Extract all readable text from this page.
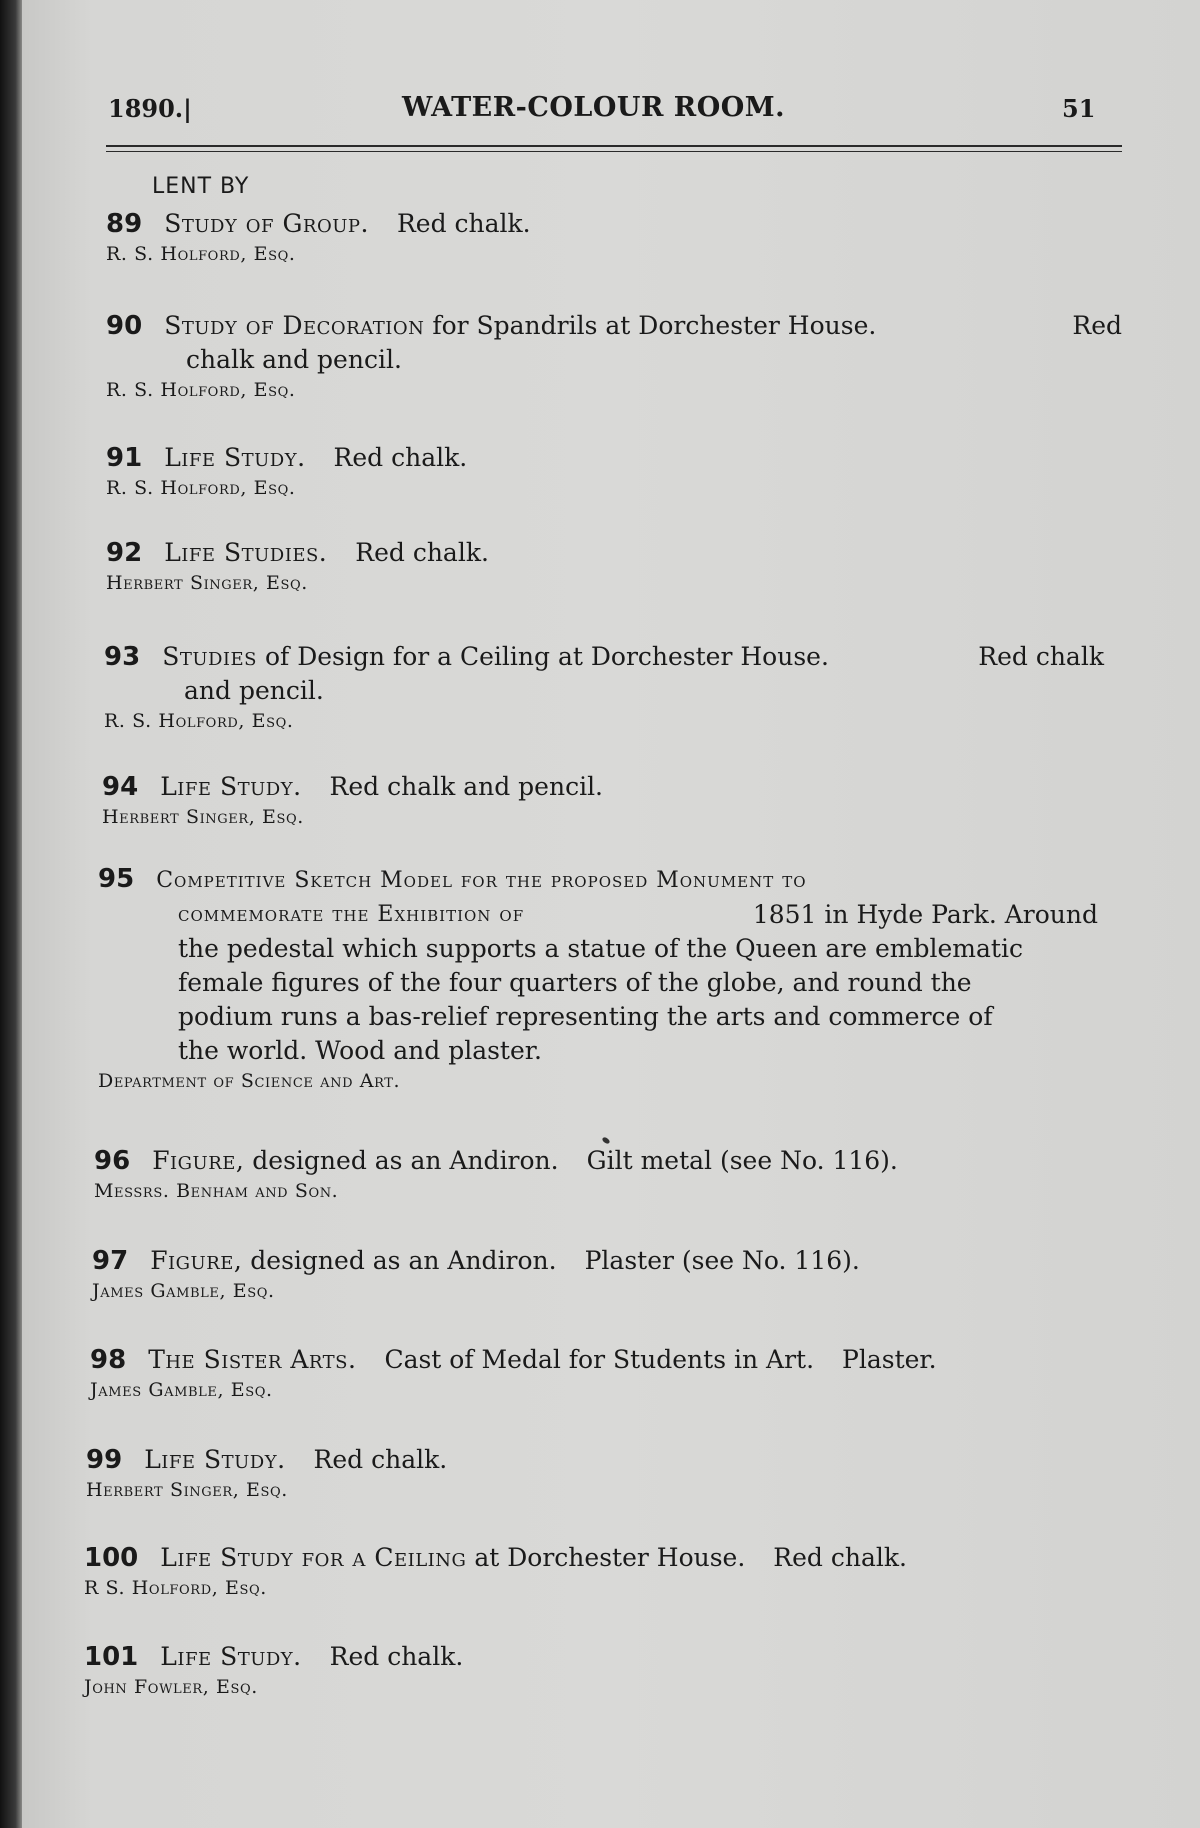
1890.|	WATER-COLOUR ROOM.	51
LENT BY
89 Study of Group. Red chalk.
R. S. Holford, Esq.
90 Study of Decoration for Spandrils at Dorchester House.	Red
chalk and pencil.
R. S. Holford, Esq.
91 Life Study. Red chalk.
R. S. Holford, Esq.
92 Life Studies. Red chalk.
Herbert Singer, Esq.
93 Studies of Design for a Ceiling at Dorchester House.	Red chalk
and pencil.
R. S. Holford, Esq.
94 Life Study. Red chalk and pencil.
Herbert Singer, Esq.
95 Competitive Sketch Model for the proposed Monument to
commemorate the Exhibition of	1851 in Hyde Park. Around
the pedestal which supports a statue of the Queen are emblematic
female figures of the four quarters of the globe, and round the
podium runs a bas-relief representing the arts and commerce of
the world. Wood and plaster.
Department of Science and Art.
96 Figure, designed as an Andiron. Gilt metal (see No. 116).
Messrs. Benham and Son.
97 Figure, designed as an Andiron. Plaster (see No. 116).
James Gamble, Esq.
98 The Sister Arts. Cast of Medal for Students in Art. Plaster.
James Gamble, Esq.
99 Life Study. Red chalk.
Herbert Singer, Esq.
100 Life Study for a Ceiling at Dorchester House. Red chalk.
R S. Holford, Esq.
101 Life Study. Red chalk.
John Fowler, Esq.
